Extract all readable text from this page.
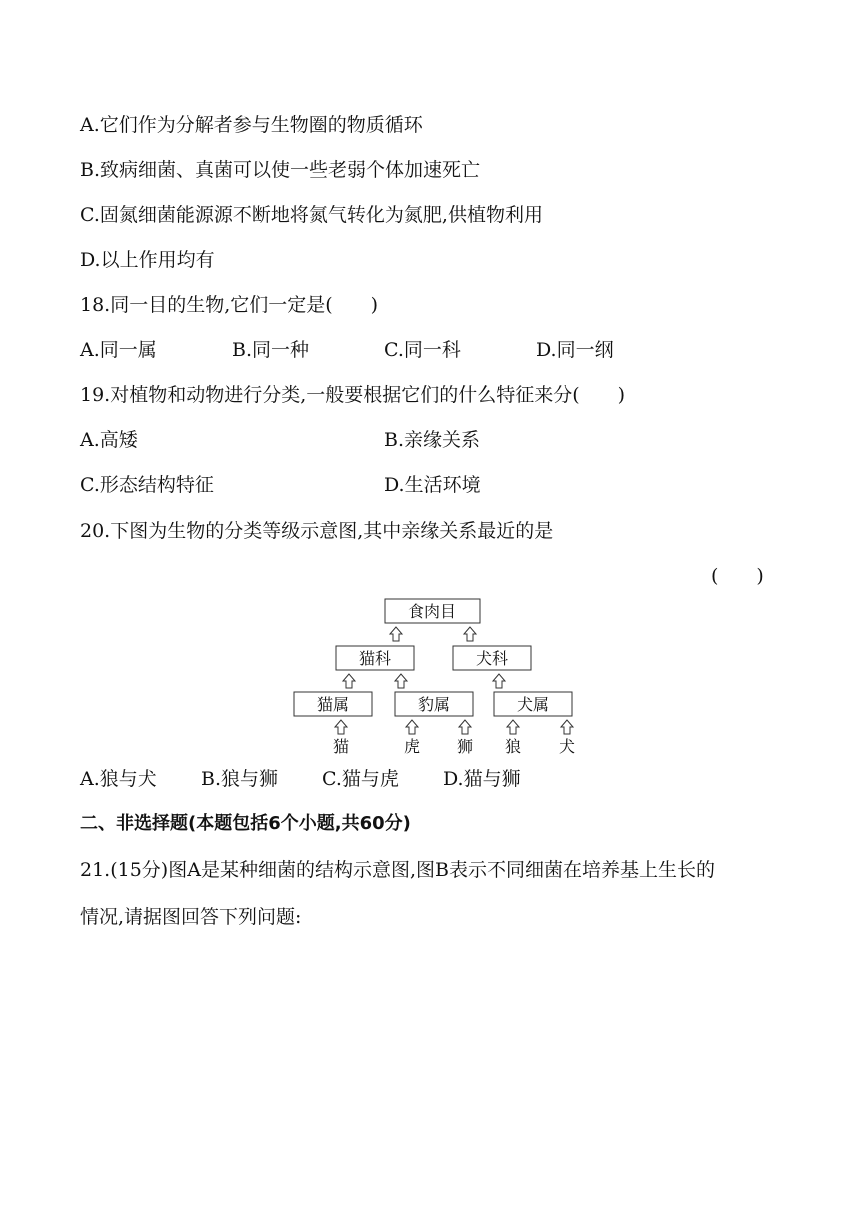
A.它们作为分解者参与生物圈的物质循环
B.致病细菌、真菌可以使一些老弱个体加速死亡
C.固氮细菌能源源不断地将氮气转化为氮肥,供植物利用
D.以上作用均有
18.同一目的生物,它们一定是(　　)
A.同一属	B.同一种	C.同一科	D.同一纲
19.对植物和动物进行分类,一般要根据它们的什么特征来分(　　)
A.高矮	B.亲缘关系
C.形态结构特征	D.生活环境
20.下图为生物的分类等级示意图,其中亲缘关系最近的是
(　　)
食肉目
猫科	犬科
猫属	豹属	犬属
猫	虎 狮 狼 犬
A.狼与犬 B.狼与狮 C.猫与虎 D.猫与狮
二、非选择题(本题包括6个小题,共60分)
21.(15分)图A是某种细菌的结构示意图,图B表示不同细菌在培养基上生长的
情况,请据图回答下列问题:
